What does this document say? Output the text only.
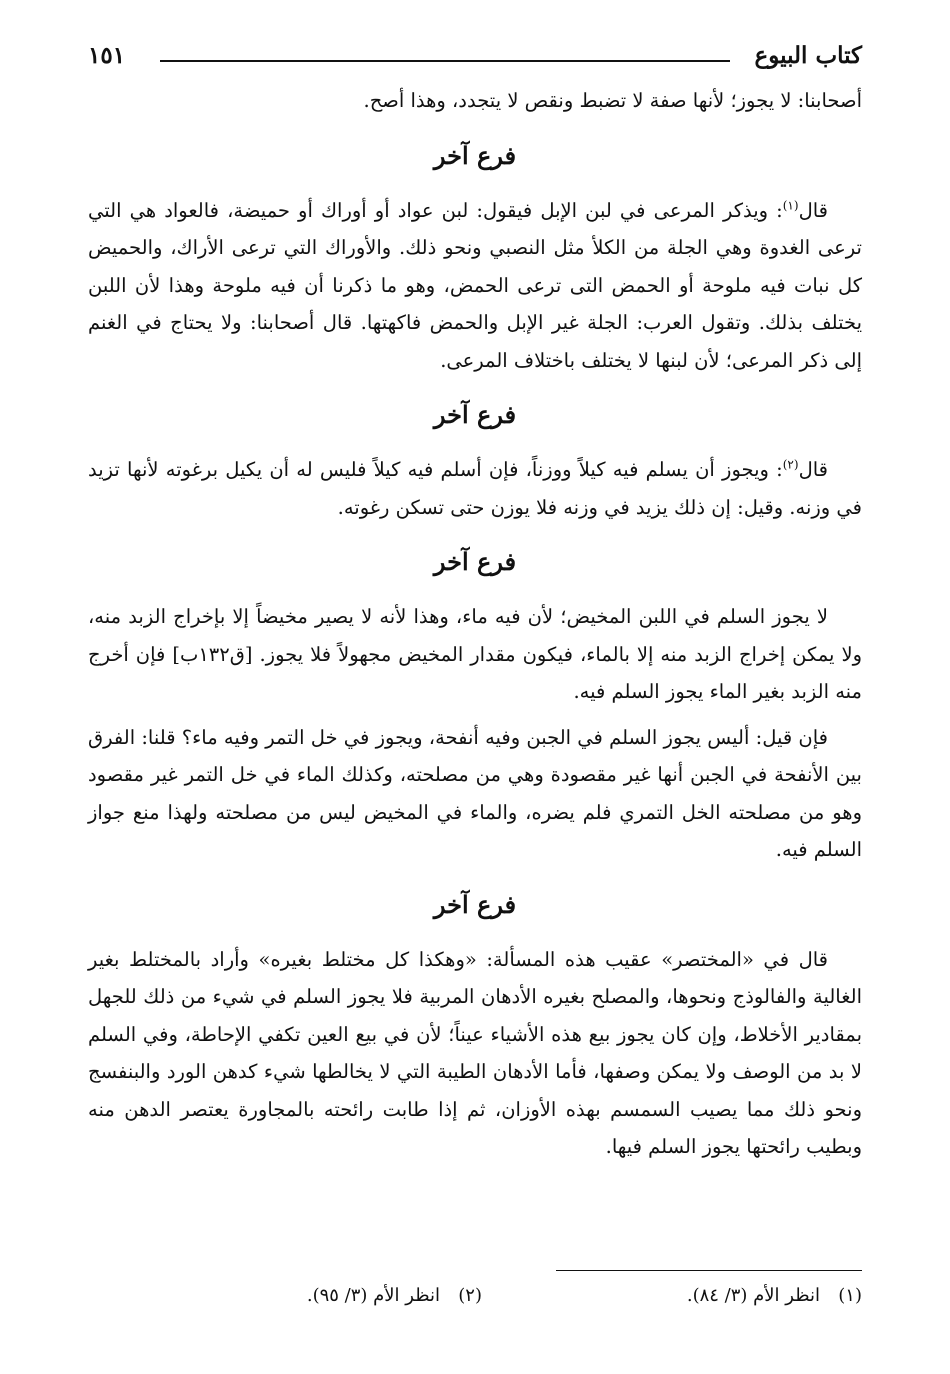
كتاب البيوع
١٥١

أصحابنا: لا يجوز؛ لأنها صفة لا تضبط ونقص لا يتجدد، وهذا أصح.

فرع آخر

قال$^{(١)}$: ويذكر المرعى في لبن الإبل فيقول: لبن عواد أو أوراك أو حميضة، فالعواد هي التي ترعى الغدوة وهي الجلة من الكلأ مثل النصبي ونحو ذلك. والأوراك التي ترعى الأراك، والحميض كل نبات فيه ملوحة أو الحمض التى ترعى الحمض، وهو ما ذكرنا أن فيه ملوحة وهذا لأن اللبن يختلف بذلك. وتقول العرب: الجلة غير الإبل والحمض فاكهتها. قال أصحابنا: ولا يحتاج في الغنم إلى ذكر المرعى؛ لأن لبنها لا يختلف باختلاف المرعى.

فرع آخر

قال$^{(٢)}$: ويجوز أن يسلم فيه كيلاً ووزناً، فإن أسلم فيه كيلاً فليس له أن يكيل برغوته لأنها تزيد في وزنه. وقيل: إن ذلك يزيد في وزنه فلا يوزن حتى تسكن رغوته.

فرع آخر

لا يجوز السلم في اللبن المخيض؛ لأن فيه ماء، وهذا لأنه لا يصير مخيضاً إلا بإخراج الزبد منه، ولا يمكن إخراج الزبد منه إلا بالماء، فيكون مقدار المخيض مجهولاً فلا يجوز. [ق١٣٢ب] فإن أخرج منه الزبد بغير الماء يجوز السلم فيه.

فإن قيل: أليس يجوز السلم في الجبن وفيه أنفحة، ويجوز في خل التمر وفيه ماء؟ قلنا: الفرق بين الأنفحة في الجبن أنها غير مقصودة وهي من مصلحته، وكذلك الماء في خل التمر غير مقصود وهو من مصلحته الخل التمري فلم يضره، والماء في المخيض ليس من مصلحته ولهذا منع جواز السلم فيه.

فرع آخر

قال في «المختصر» عقيب هذه المسألة: «وهكذا كل مختلط بغيره» وأراد بالمختلط بغير الغالية والفالوذج ونحوها، والمصلح بغيره الأدهان المربية فلا يجوز السلم في شيء من ذلك للجهل بمقادير الأخلاط، وإن كان يجوز بيع هذه الأشياء عيناً؛ لأن في بيع العين تكفي الإحاطة، وفي السلم لا بد من الوصف ولا يمكن وصفها، فأما الأدهان الطيبة التي لا يخالطها شيء كدهن الورد والبنفسج ونحو ذلك مما يصيب السمسم بهذه الأوزان، ثم إذا طابت رائحته بالمجاورة يعتصر الدهن منه وبطيب رائحتها يجوز السلم فيها.

(١)انظر الأم (٣/ ٨٤).
(٢)انظر الأم (٣/ ٩٥).
